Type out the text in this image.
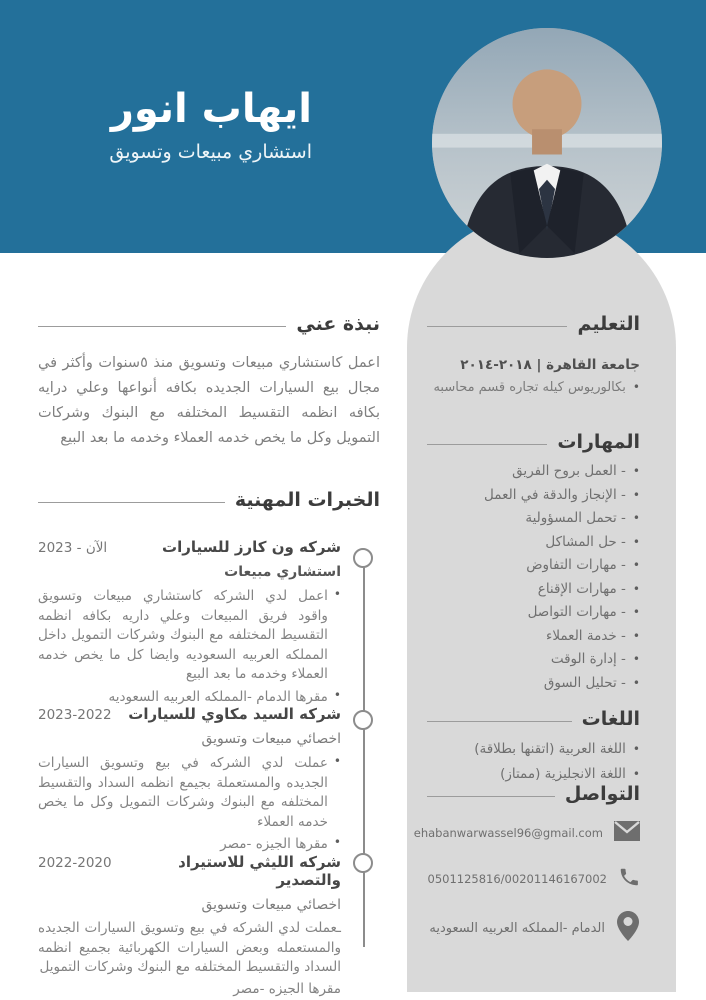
ايهاب انور
استشاري مبيعات وتسويق
التعليم
جامعة القاهرة | ٢٠١٨-٢٠١٤
•
بكالوريوس كيله تجاره قسم محاسبه
المهارات
•
- العمل بروح الفريق
•
- الإنجاز والدقة في العمل
•
- تحمل المسؤولية
•
- حل المشاكل
•
- مهارات التفاوض
•
- مهارات الإقناع
•
- مهارات التواصل
•
- خدمة العملاء
•
- إدارة الوقت
•
- تحليل السوق
اللغات
•
اللغة العربية (اتقنها بطلاقة)
•
اللغة الانجليزية (ممتاز)
التواصل
ehabanwarwassel96@gmail.com
0501125816/00201146167002
الدمام -المملكه العربيه السعوديه
نبذة عني
اعمل كاستشاري مبيعات وتسويق منذ ٥سنوات وأكثر في مجال بيع السيارات الجديده بكافه أنواعها وعلي درايه بكافه انظمه التقسيط المختلفه مع البنوك وشركات التمويل وكل ما يخص خدمه العملاء وخدمه ما بعد البيع
الخبرات المهنية
شركه ون كارز للسيارات
2023 - الآن
استشاري مبيعات
•
اعمل لدي الشركه كاستشاري مبيعات وتسويق واقود فريق المبيعات وعلي داريه بكافه انظمه التقسيط المختلفه مع البنوك وشركات التمويل داخل المملكه العربيه السعوديه وايضا كل ما يخص خدمه العملاء وخدمه ما بعد البيع
•
مقرها الدمام -المملكه العربيه السعوديه
شركه السيد مكاوي للسيارات
2023-2022
اخصائي مبيعات وتسويق
•
عملت لدي الشركه في بيع وتسويق السيارات الجديده والمستعملة بجيمع انظمه السداد والتقسيط المختلفه مع البنوك وشركات التمويل وكل ما يخص خدمه العملاء
•
مقرها الجيزه -مصر
شركه الليثي للاستيراد والتصدير
2022-2020
اخصائي مبيعات وتسويق
ـعملت لدي الشركه في بيع وتسويق السيارات الجديده والمستعمله وبعض السيارات الكهربائية بجميع انظمه السداد والتقسيط المختلفه مع البنوك وشركات التمويل
مقرها الجيزه -مصر
